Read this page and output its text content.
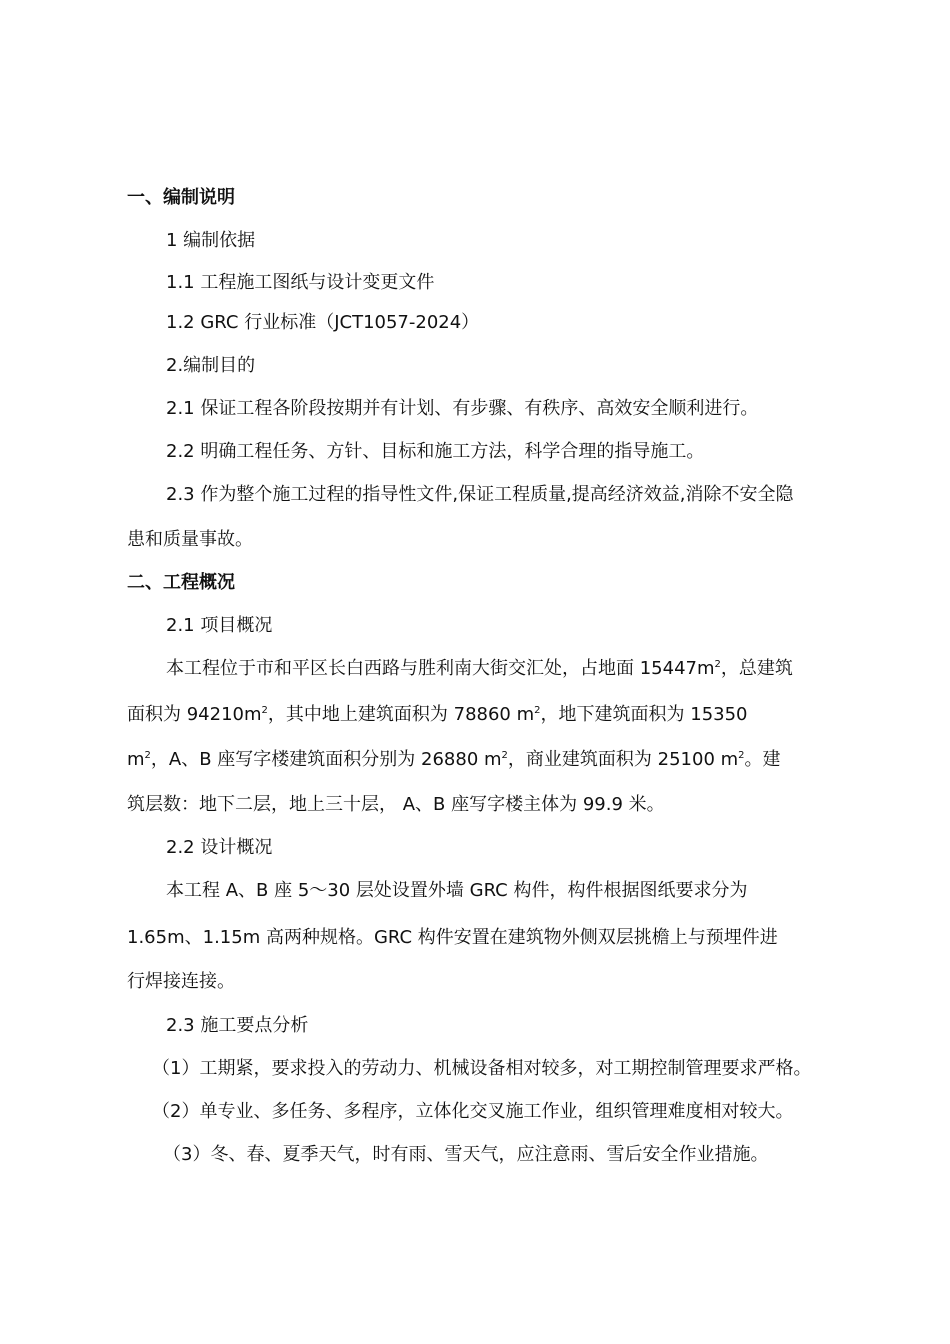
一、编制说明
1 编制依据
1.1 工程施工图纸与设计变更文件
1.2 GRC 行业标准（JCT1057-2024）
2.编制目的
2.1 保证工程各阶段按期并有计划、有步骤、有秩序、高效安全顺利进行。
2.2 明确工程任务、方针、目标和施工方法，科学合理的指导施工。
2.3 作为整个施工过程的指导性文件,保证工程质量,提高经济效益,消除不安全隐
患和质量事故。
二、工程概况
2.1 项目概况
本工程位于市和平区长白西路与胜利南大街交汇处，占地面 $15447m^2$，总建筑
面积为 $94210m^2$，其中地上建筑面积为 78860 $m^2$，地下建筑面积为 15350
$m^2$，A、B 座写字楼建筑面积分别为 26880 $m^2$，商业建筑面积为 25100 $m^2$。建
筑层数：地下二层，地上三十层， A、B 座写字楼主体为 99.9 米。
2.2 设计概况
本工程 A、B 座 5～30 层处设置外墙 GRC 构件，构件根据图纸要求分为
1.65m、1.15m 高两种规格。GRC 构件安置在建筑物外侧双层挑檐上与预埋件进
行焊接连接。
2.3 施工要点分析
（1）工期紧，要求投入的劳动力、机械设备相对较多，对工期控制管理要求严格。
（2）单专业、多任务、多程序，立体化交叉施工作业，组织管理难度相对较大。
（3）冬、春、夏季天气，时有雨、雪天气，应注意雨、雪后安全作业措施。
